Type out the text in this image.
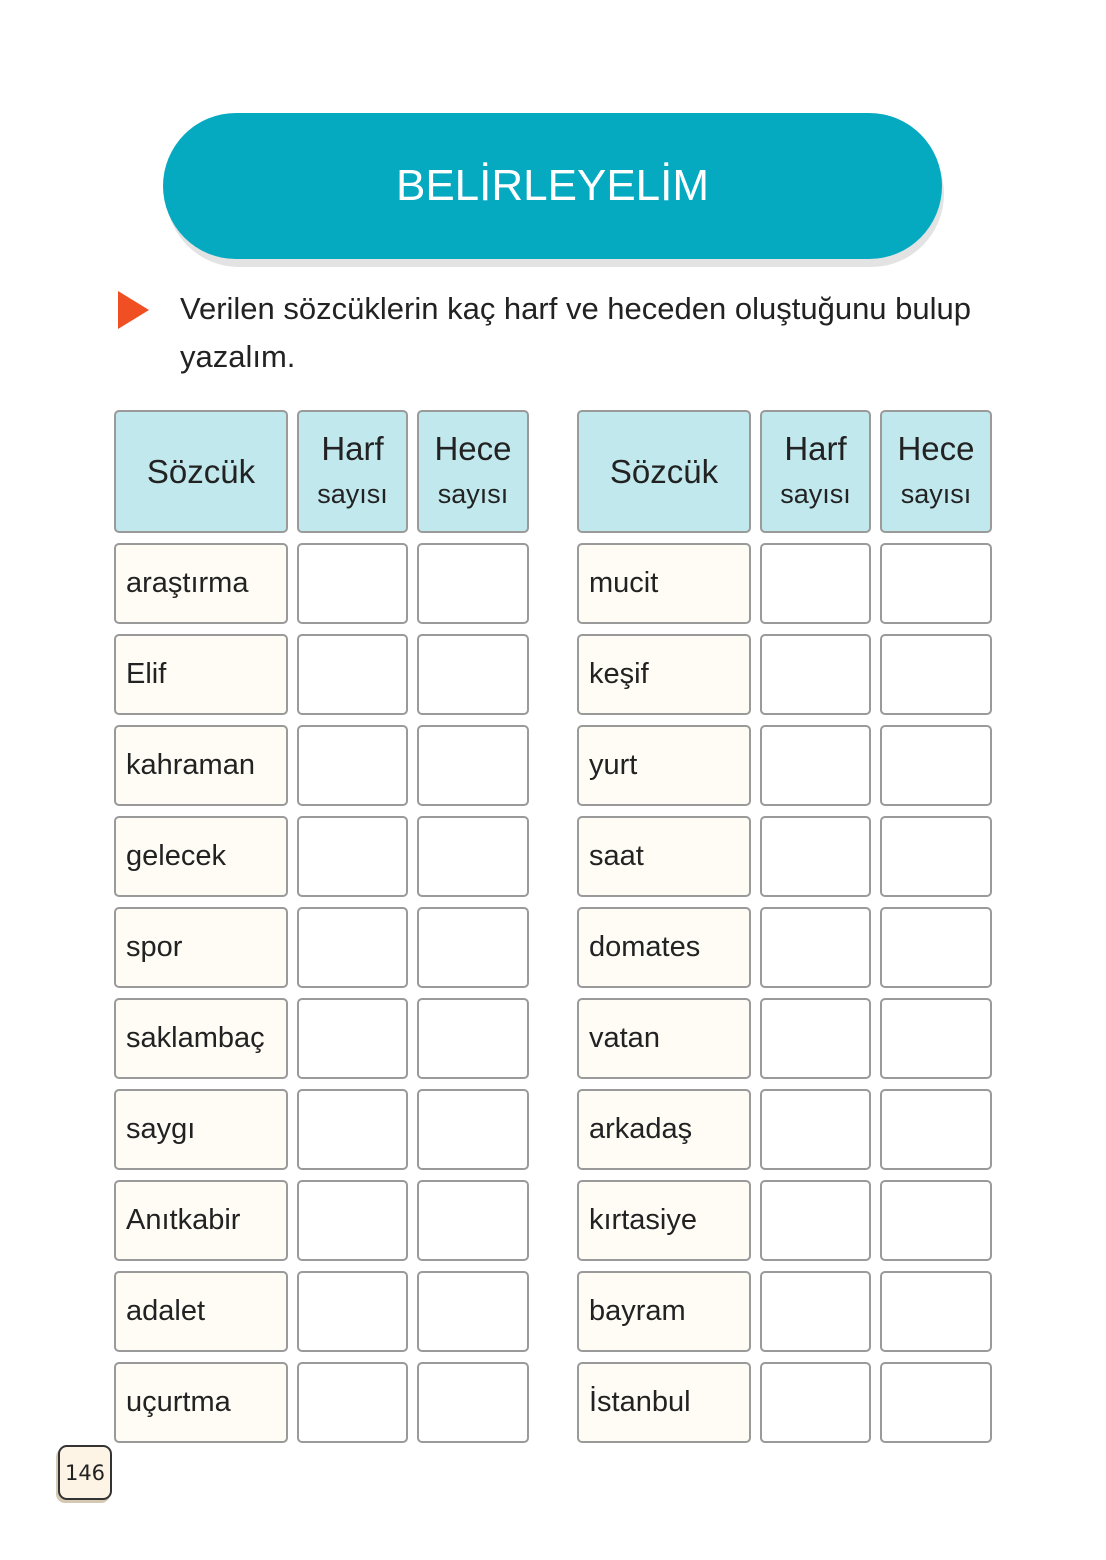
BELİRLEYELİM
Verilen sözcüklerin kaç harf ve heceden oluştuğunu bulup yazalım.
Sözcük
Harf
sayısı
Hece
sayısı
araştırma
Elif
kahraman
gelecek
spor
saklambaç
saygı
Anıtkabir
adalet
uçurtma
Sözcük
Harf
sayısı
Hece
sayısı
mucit
keşif
yurt
saat
domates
vatan
arkadaş
kırtasiye
bayram
İstanbul
146
